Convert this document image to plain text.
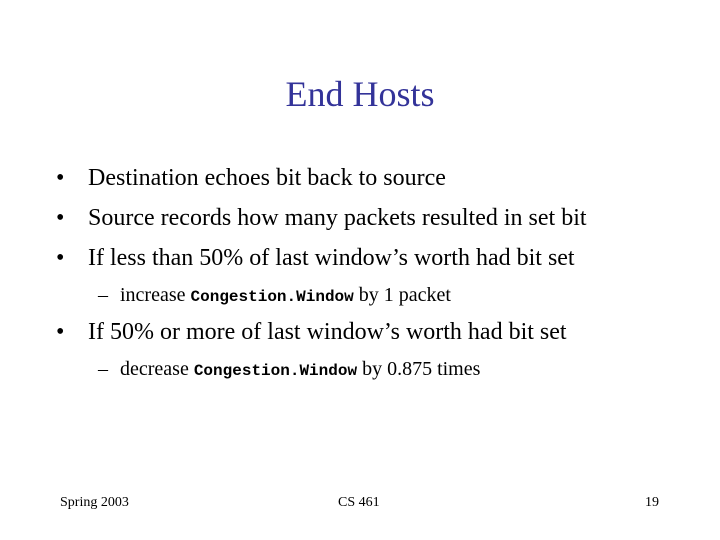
End Hosts
• Destination echoes bit back to source
• Source records how many packets resulted in set bit
• If less than 50% of last window’s worth had bit set
– increase Congestion.Window by 1 packet
• If 50% or more of last window’s worth had bit set
– decrease Congestion.Window by 0.875 times
Spring 2003	CS 461	19
